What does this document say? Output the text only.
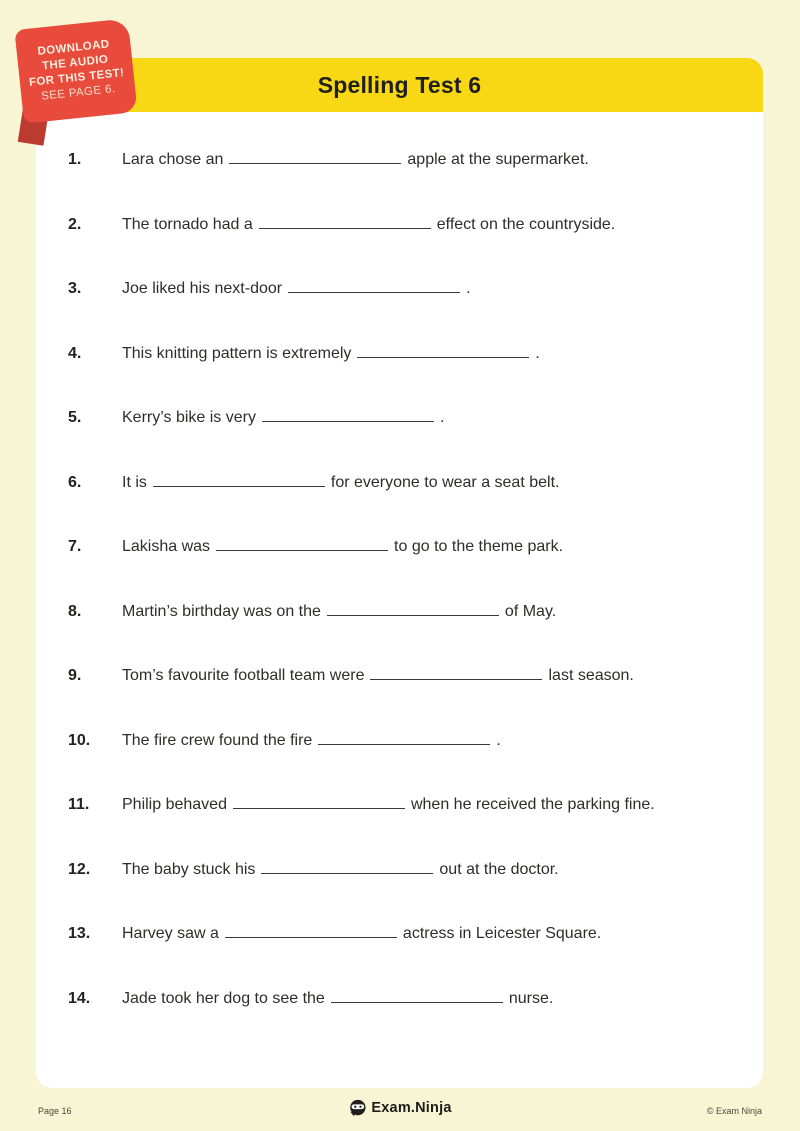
DOWNLOAD
THE AUDIO
FOR THIS TEST!
SEE PAGE 6.	Spelling Test 6
1.	Lara chose an	apple at the supermarket.
2.	The tornado had a	effect on the countryside.
3.	Joe liked his next-door	.
4.	This knitting pattern is extremely	.
5.	Kerry’s bike is very	.
6.	It is	for everyone to wear a seat belt.
7.	Lakisha was	to go to the theme park.
8.	Martin’s birthday was on the	of May.
9.	Tom’s favourite football team were	last season.
10.	The fire crew found the fire	.
11.	Philip behaved	when he received the parking fine.
12.	The baby stuck his	out at the doctor.
13.	Harvey saw a	actress in Leicester Square.
14.	Jade took her dog to see the	nurse.
Page 16	Exam.Ninja	© Exam Ninja
